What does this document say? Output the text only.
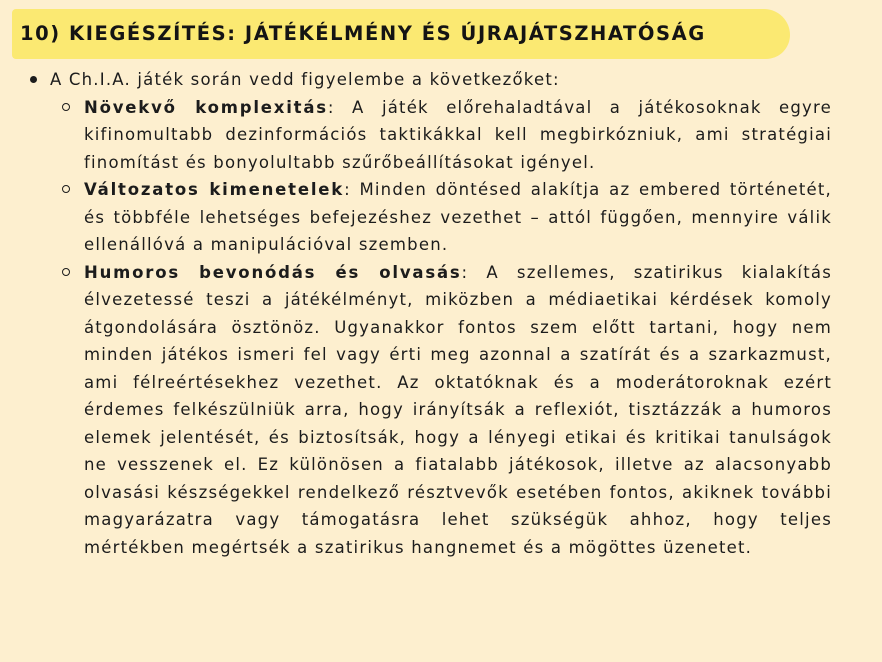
10) KIEGÉSZÍTÉS: JÁTÉKÉLMÉNY ÉS ÚJRAJÁTSZHATÓSÁG
A Ch.I.A. játék során vedd figyelembe a következőket:
Növekvő komplexitás: A játék előrehaladtával a játékosoknak egyre kifinomultabb dezinformációs taktikákkal kell megbirkózniuk, ami stratégiai finomítást és bonyolultabb szűrőbeállításokat igényel.
Változatos kimenetelek: Minden döntésed alakítja az embered történetét, és többféle lehetséges befejezéshez vezethet – attól függően, mennyire válik ellenállóvá a manipulációval szemben.
Humoros bevonódás és olvasás: A szellemes, szatirikus kialakítás élvezetessé teszi a játékélményt, miközben a médiaetikai kérdések komoly átgondolására ösztönöz. Ugyanakkor fontos szem előtt tartani, hogy nem minden játékos ismeri fel vagy érti meg azonnal a szatírát és a szarkazmust, ami félreértésekhez vezethet. Az oktatóknak és a moderátoroknak ezért érdemes felkészülniük arra, hogy irányítsák a reflexiót, tisztázzák a humoros elemek jelentését, és biztosítsák, hogy a lényegi etikai és kritikai tanulságok ne vesszenek el. Ez különösen a fiatalabb játékosok, illetve az alacsonyabb olvasási készségekkel rendelkező résztvevők esetében fontos, akiknek további magyarázatra vagy támogatásra lehet szükségük ahhoz, hogy teljes mértékben megértsék a szatirikus hangnemet és a mögöttes üzenetet.
